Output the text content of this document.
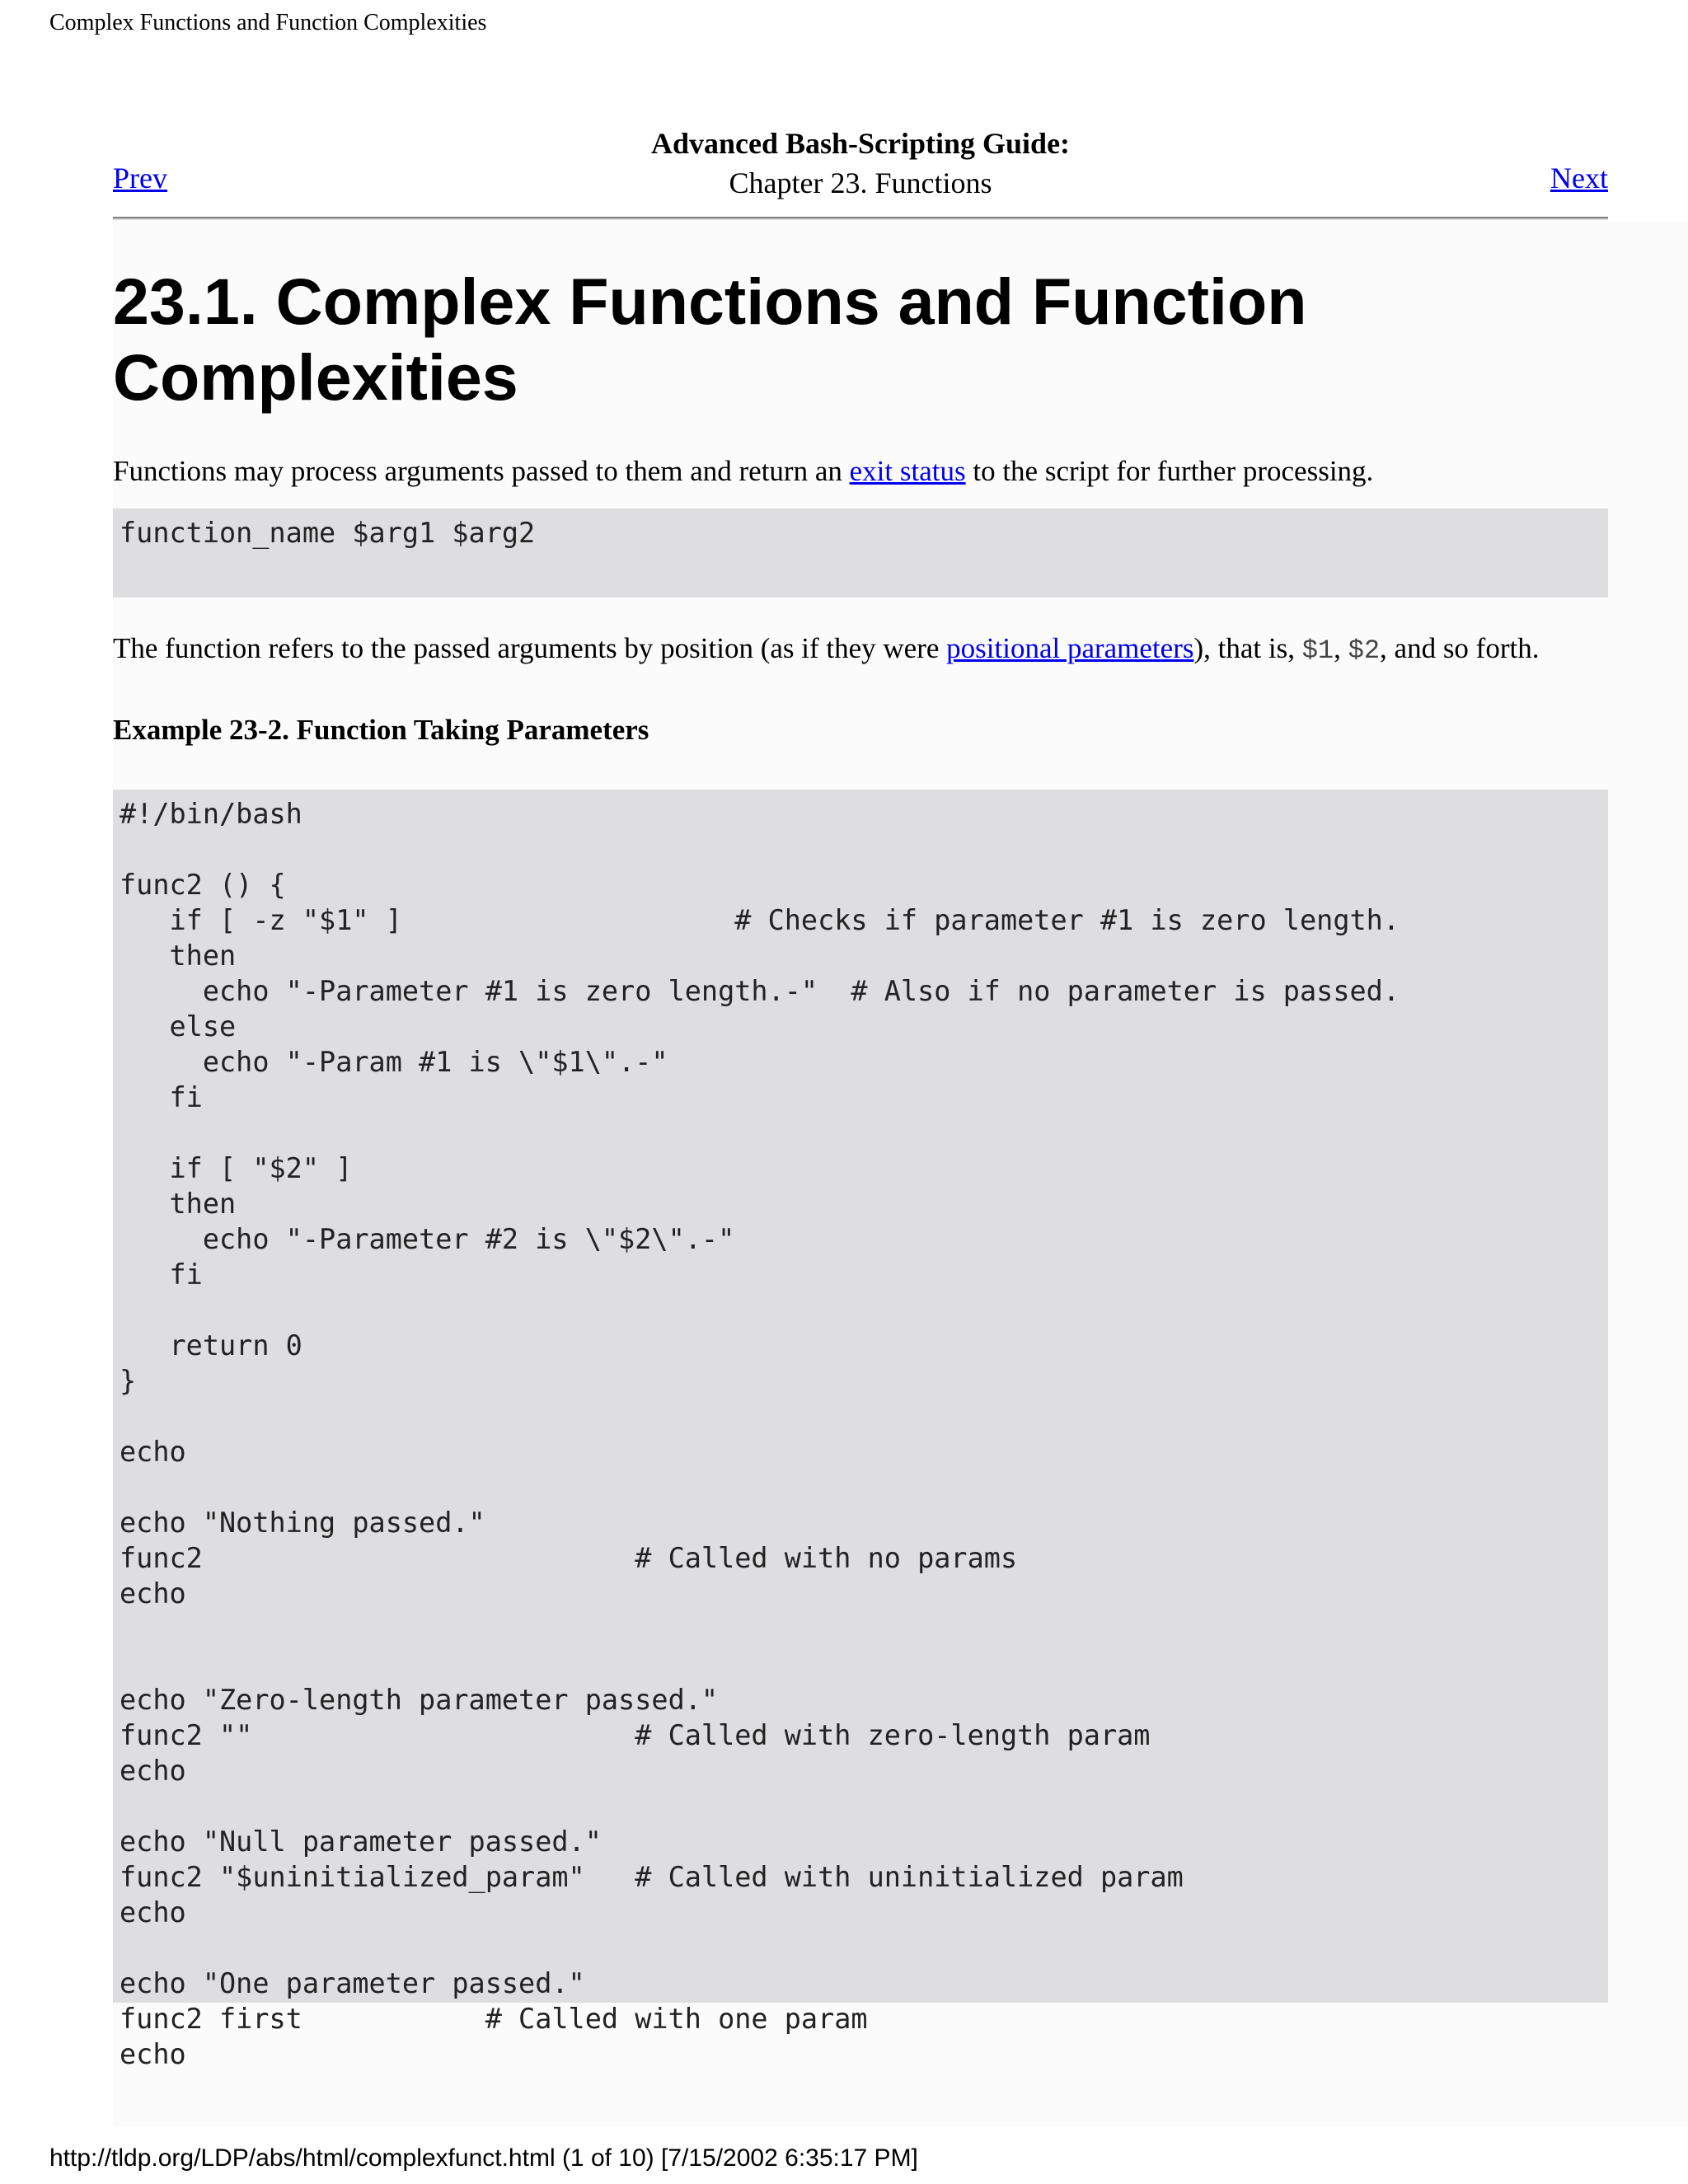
Complex Functions and Function Complexities
Advanced Bash-Scripting Guide:
Chapter 23. Functions
Prev	Next
23.1. Complex Functions and Function Complexities

Functions may process arguments passed to them and return an exit status to the script for further processing.

function_name $arg1 $arg2

The function refers to the passed arguments by position (as if they were positional parameters), that is, $1, $2, and so forth.

Example 23-2. Function Taking Parameters

#!/bin/bash

func2 () {
if [ -z "$1" ]                    # Checks if parameter #1 is zero length.
then
echo "-Parameter #1 is zero length.-"  # Also if no parameter is passed.
else
echo "-Param #1 is \"$1\".-"
fi

if [ "$2" ]
then
echo "-Parameter #2 is \"$2\".-"
fi

return 0
}

echo

echo "Nothing passed."
func2                          # Called with no params
echo

echo "Zero-length parameter passed."
func2 ""                       # Called with zero-length param
echo

echo "Null parameter passed."
func2 "$uninitialized_param"   # Called with uninitialized param
echo

echo "One parameter passed."
func2 first           # Called with one param
echo
http://tldp.org/LDP/abs/html/complexfunct.html (1 of 10) [7/15/2002 6:35:17 PM]
